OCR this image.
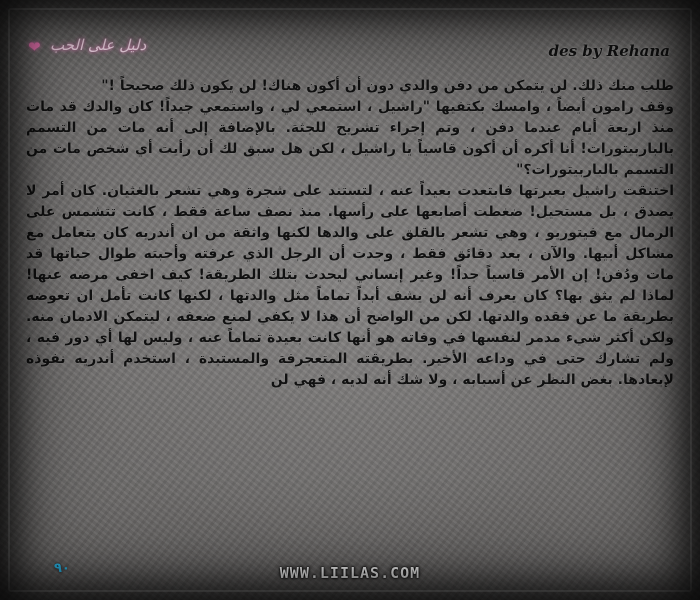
❤ دليل على الحب	des by Rehana

طلب منك ذلك. لن يتمكن من دفن والدي دون أن أكون هناك! لن يكون ذلك صحيحاً !"

وقف رامون أيضاً ، وامسك بكتفيها "راشيل ، استمعي لي ، واستمعي جيداً! كان والدك قد مات منذ اربعة أيام عندما دفن ، وتم إجراء تشريح للجثة. بالإضافة إلى أنه مات من التسمم بالباربيتورات! أنا أكره أن أكون قاسياً يا راشيل ، لكن هل سبق لك أن رأيت أي شخص مات من التسمم بالباربيتورات؟"

اختنقت راشيل بعبرتها فابتعدت بعيداً عنه ، لتستند على شجرة وهي تشعر بالغثيان. كان أمر لا يصدق ، بل مستحيل! ضغطت أصابعها على رأسها. منذ نصف ساعة فقط ، كانت تتشمس على الرمال مع فيتوريو ، وهي تشعر بالقلق على والدها لكنها واثقة من ان أندريه كان يتعامل مع مشاكل أبيها. والآن ، بعد دقائق فقط ، وجدت أن الرجل الذي عرفته وأحبته طوال حياتها قد مات ودُفن! إن الأمر قاسياً جداً! وغير إنساني ليحدث بتلك الطريقة! كيف اخفى مرضه عنها! لماذا لم يثق بها؟ كان يعرف أنه لن يشف أبداً تماماً مثل والدتها ، لكنها كانت تأمل ان تعوضه بطريقة ما عن فقده والدتها. لكن من الواضح أن هذا لا يكفي لمنع ضعفه ، ليتمكن الادمان منه. ولكن أكثر شيء مدمر لنفسها في وفاته هو أنها كانت بعيدة تماماً عنه ، وليس لها أي دور فيه ، ولم تشارك حتى في وداعه الأخير. بطريقته المتعجرفة والمستبدة ، استخدم أندريه نفوذه لإبعادها. بغض النظر عن أسبابه ، ولا شك أنه لديه ، فهي لن

٩٠	WWW.LIILAS.COM
